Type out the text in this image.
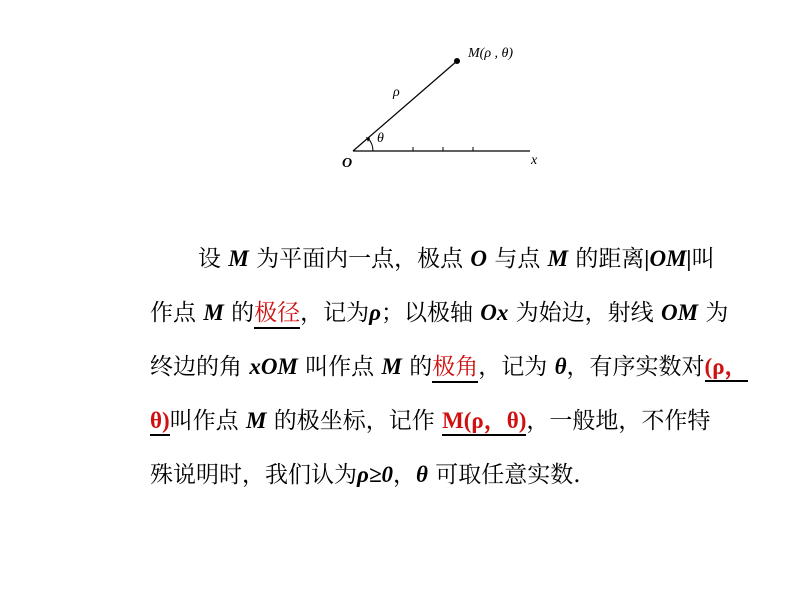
M(ρ , θ)
ρ
θ
O	x
设 M 为平面内一点，极点 O 与点 M 的距离|OM|叫
作点 M 的极径，记为ρ；以极轴 Ox 为始边，射线 OM 为
终边的角 xOM 叫作点 M 的极角，记为 θ，有序实数对(ρ，
θ)叫作点 M 的极坐标，记作 M(ρ，θ)，一般地，不作特
殊说明时，我们认为ρ≥0，θ 可取任意实数.
